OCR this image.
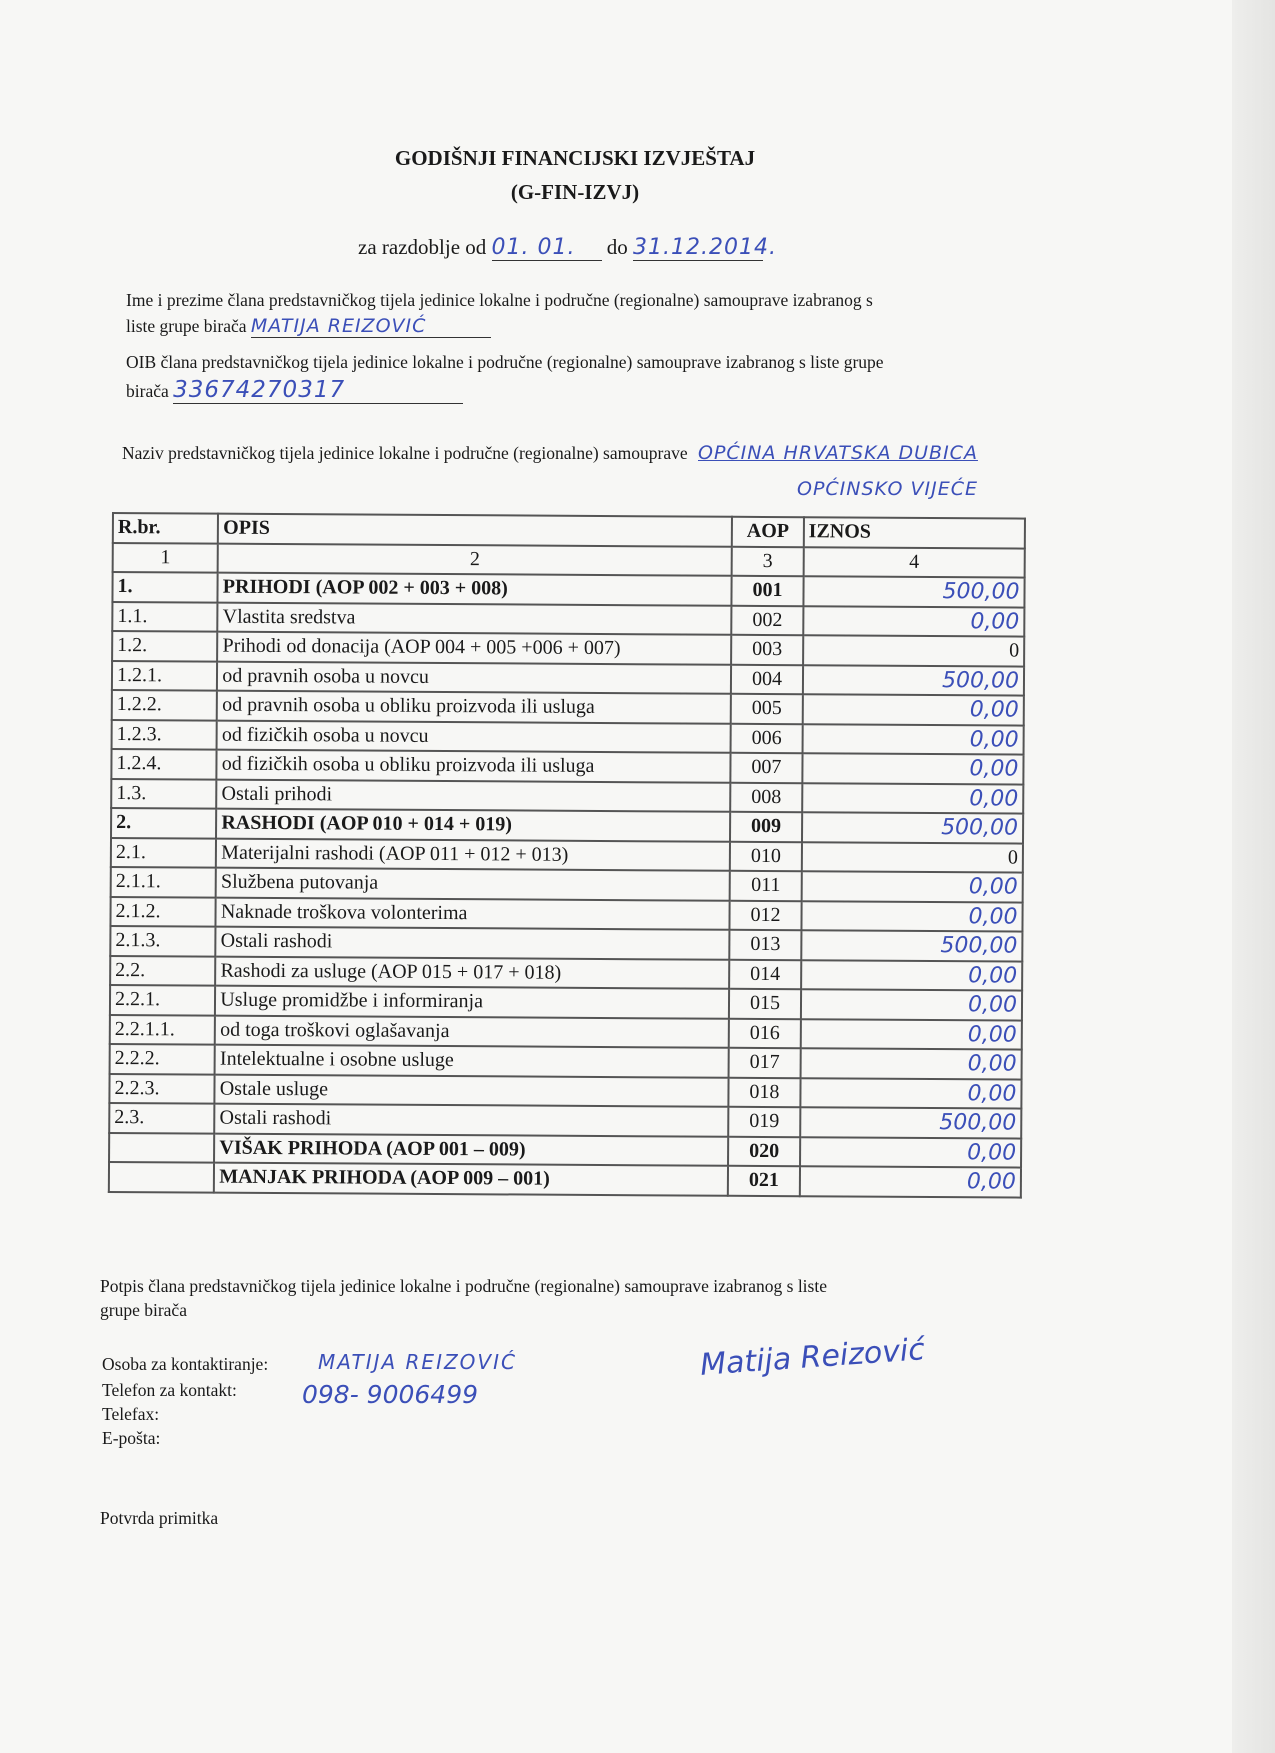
GODIŠNJI FINANCIJSKI IZVJEŠTAJ
(G-FIN-IZVJ)
za razdoblje od 01. 01. do 31.12.2014.
Ime i prezime člana predstavničkog tijela jedinice lokalne i područne (regionalne) samouprave izabranog s
liste grupe birača MATIJA REIZOVIĆ
OIB člana predstavničkog tijela jedinice lokalne i područne (regionalne) samouprave izabranog s liste grupe
birača 33674270317
Naziv predstavničkog tijela jedinice lokalne i područne (regionalne) samouprave OPĆINA HRVATSKA DUBICA
OPĆINSKO VIJEĆE
R.br.	OPIS	AOP	IZNOS
1	2	3	4
1.	PRIHODI (AOP 002 + 003 + 008)	001	500,00
1.1.	Vlastita sredstva	002	0,00
1.2.	Prihodi od donacija (AOP 004 + 005 +006 + 007)	003	0
1.2.1.	od pravnih osoba u novcu	004	500,00
1.2.2.	od pravnih osoba u obliku proizvoda ili usluga	005	0,00
1.2.3.	od fizičkih osoba u novcu	006	0,00
1.2.4.	od fizičkih osoba u obliku proizvoda ili usluga	007	0,00
1.3.	Ostali prihodi	008	0,00
2.	RASHODI (AOP 010 + 014 + 019)	009	500,00
2.1.	Materijalni rashodi (AOP 011 + 012 + 013)	010	0
2.1.1.	Službena putovanja	011	0,00
2.1.2.	Naknade troškova volonterima	012	0,00
2.1.3.	Ostali rashodi	013	500,00
2.2.	Rashodi za usluge (AOP 015 + 017 + 018)	014	0,00
2.2.1.	Usluge promidžbe i informiranja	015	0,00
2.2.1.1.	od toga troškovi oglašavanja	016	0,00
2.2.2.	Intelektualne i osobne usluge	017	0,00
2.2.3.	Ostale usluge	018	0,00
2.3.	Ostali rashodi	019	500,00
	VIŠAK PRIHODA (AOP 001 – 009)	020	0,00
	MANJAK PRIHODA (AOP 009 – 001)	021	0,00
Potpis člana predstavničkog tijela jedinice lokalne i područne (regionalne) samouprave izabranog s liste
grupe birača
Osoba za kontaktiranje: MATIJA REIZOVIĆ
Telefon za kontakt:	098- 9006499
Telefax:
E-pošta:
Matija Reizović
Potvrda primitka
